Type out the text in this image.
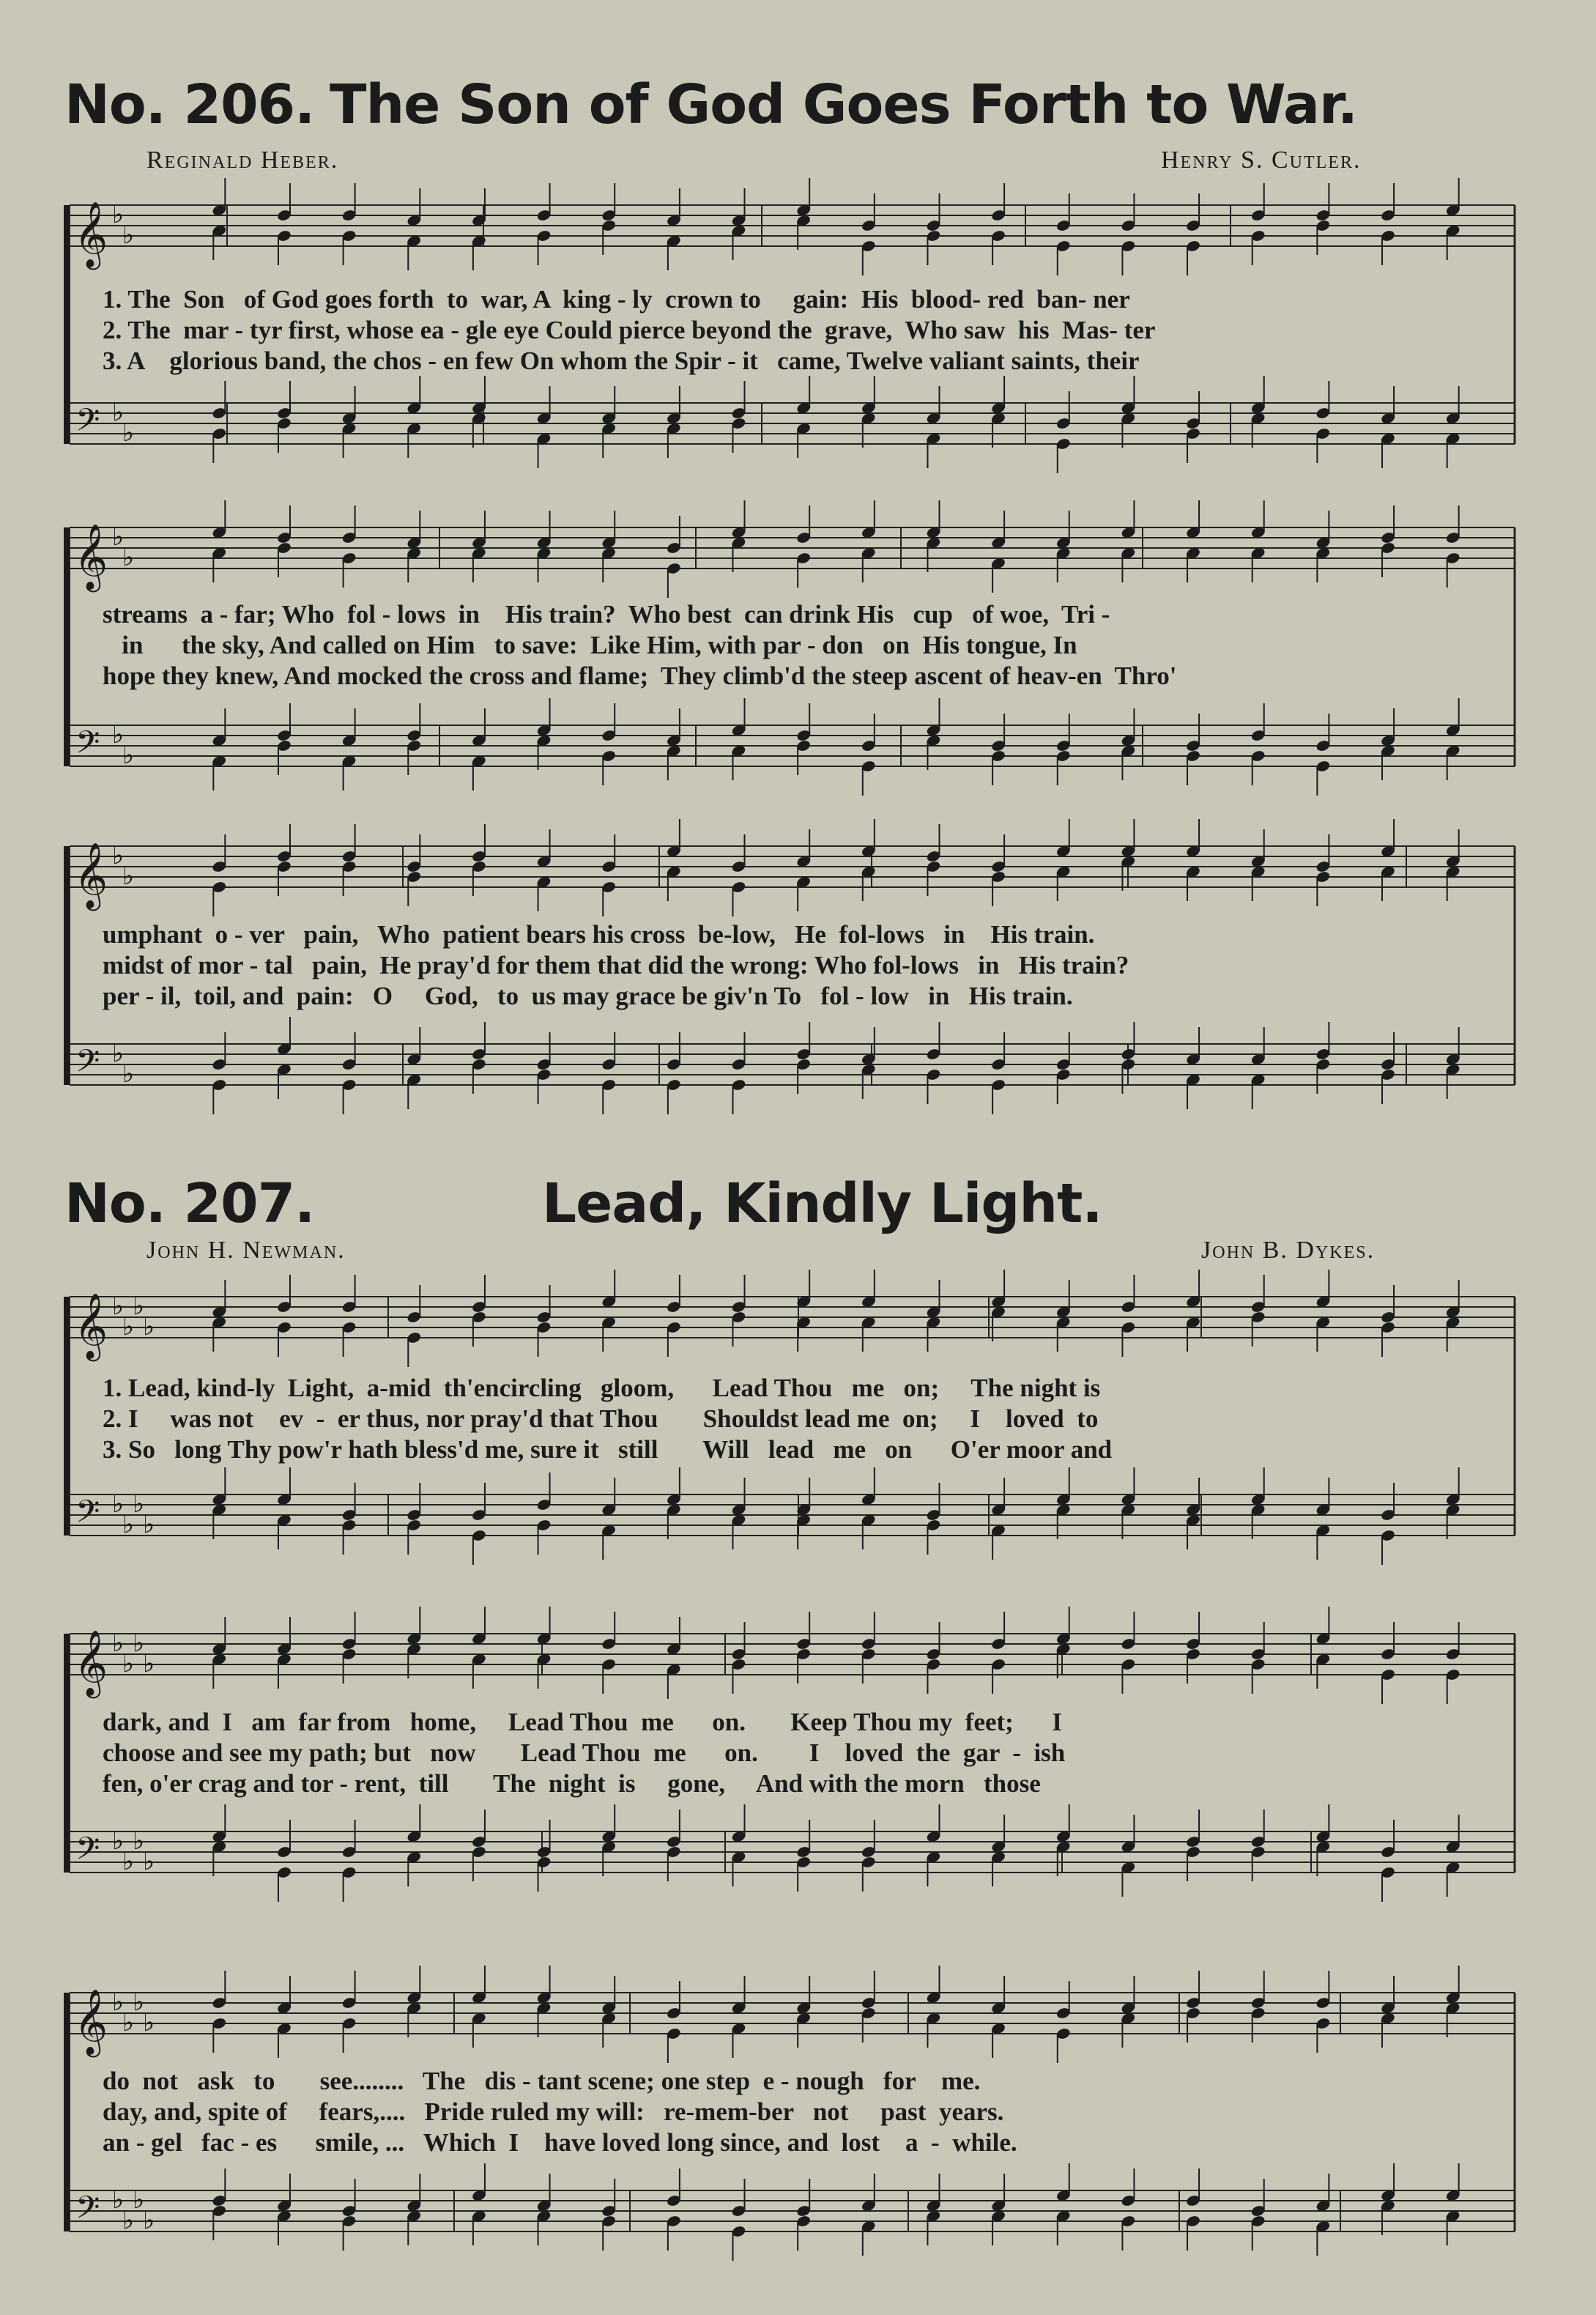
No. 206. The Son of God Goes Forth to War.
Reginald Heber.	Henry S. Cutler.
𝄞
𝄢
♭
♭
♭
♭
1. The  Son   of God goes forth  to  war, A  king - ly  crown to     gain:  His  blood- red  ban- ner
2. The  mar - tyr first, whose ea - gle eye Could pierce beyond the  grave,  Who saw  his  Mas- ter
3. A    glorious band, the chos - en few On whom the Spir - it   came, Twelve valiant saints, their
𝄞
𝄢
♭
♭
♭
♭
streams  a - far; Who  fol - lows  in    His train?  Who best  can drink His   cup   of woe,  Tri -
in      the sky, And called on Him   to save:  Like Him, with par - don   on  His tongue, In
hope they knew, And mocked the cross and flame;  They climb'd the steep ascent of heav-en  Thro'
𝄞
𝄢
♭
♭
♭
♭
umphant  o - ver   pain,   Who  patient bears his cross  be-low,   He  fol-lows   in    His train.
midst of mor - tal   pain,  He pray'd for them that did the wrong: Who fol-lows   in   His train?
per - il,  toil, and  pain:   O     God,   to  us may grace be giv'n To   fol - low   in   His train.
No. 207.	Lead, Kindly Light.
John H. Newman.	John B. Dykes.
𝄞
𝄢
♭
♭
♭
♭
♭
♭
♭
♭
1. Lead, kind-ly  Light,  a-mid  th'encircling   gloom,      Lead Thou   me   on;     The night is
2. I     was not    ev  -  er thus, nor pray'd that Thou       Shouldst lead me  on;     I    loved  to
3. So   long Thy pow'r hath bless'd me, sure it   still       Will   lead   me   on      O'er moor and
𝄞
𝄢
♭
♭
♭
♭
♭
♭
♭
♭
dark, and  I   am  far from   home,     Lead Thou  me      on.       Keep Thou my  feet;      I
choose and see my path; but   now       Lead Thou  me      on.        I    loved  the  gar  -  ish
fen, o'er crag and tor - rent,  till       The  night  is     gone,     And with the morn   those
𝄞
𝄢
♭
♭
♭
♭
♭
♭
♭
♭
do  not   ask   to       see........   The   dis - tant scene; one step  e - nough   for    me.
day, and, spite of     fears,....   Pride ruled my will:   re-mem-ber   not     past  years.
an - gel   fac - es      smile, ...   Which  I    have loved long since, and  lost    a  -  while.
